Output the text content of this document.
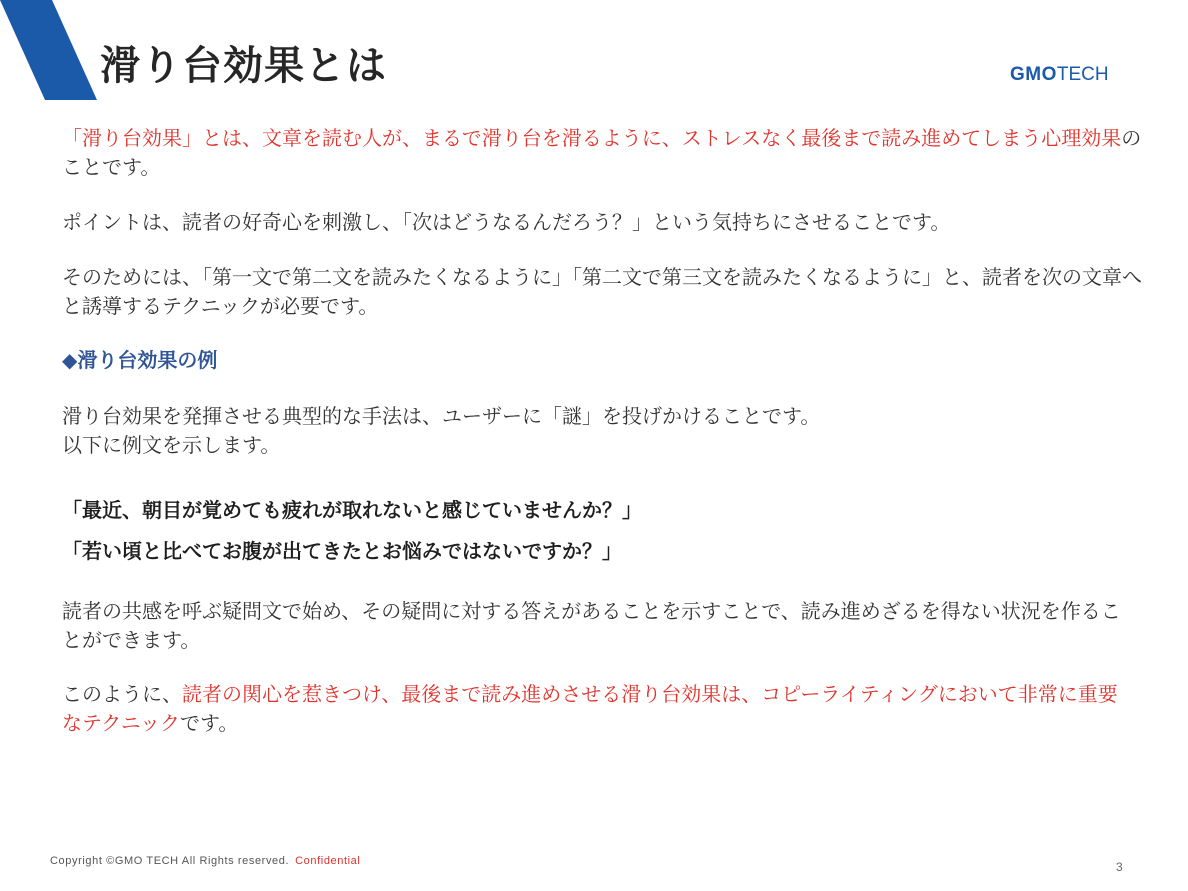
滑り台効果とは	GMOTECH

「滑り台効果」とは、文章を読む人が、まるで滑り台を滑るように、ストレスなく最後まで読み進めてしまう心理効果のことです。

ポイントは、読者の好奇心を刺激し、「次はどうなるんだろう？」という気持ちにさせることです。

そのためには、「第一文で第二文を読みたくなるように」「第二文で第三文を読みたくなるように」と、読者を次の文章へと誘導するテクニックが必要です。

◆滑り台効果の例

滑り台効果を発揮させる典型的な手法は、ユーザーに「謎」を投げかけることです。
以下に例文を示します。

「最近、朝目が覚めても疲れが取れないと感じていませんか？」

「若い頃と比べてお腹が出てきたとお悩みではないですか？」

読者の共感を呼ぶ疑問文で始め、その疑問に対する答えがあることを示すことで、読み進めざるを得ない状況を作ることができます。

このように、読者の関心を惹きつけ、最後まで読み進めさせる滑り台効果は、コピーライティングにおいて非常に重要なテクニックです。

Copyright ©GMO TECH All Rights reserved. Confidential	3
